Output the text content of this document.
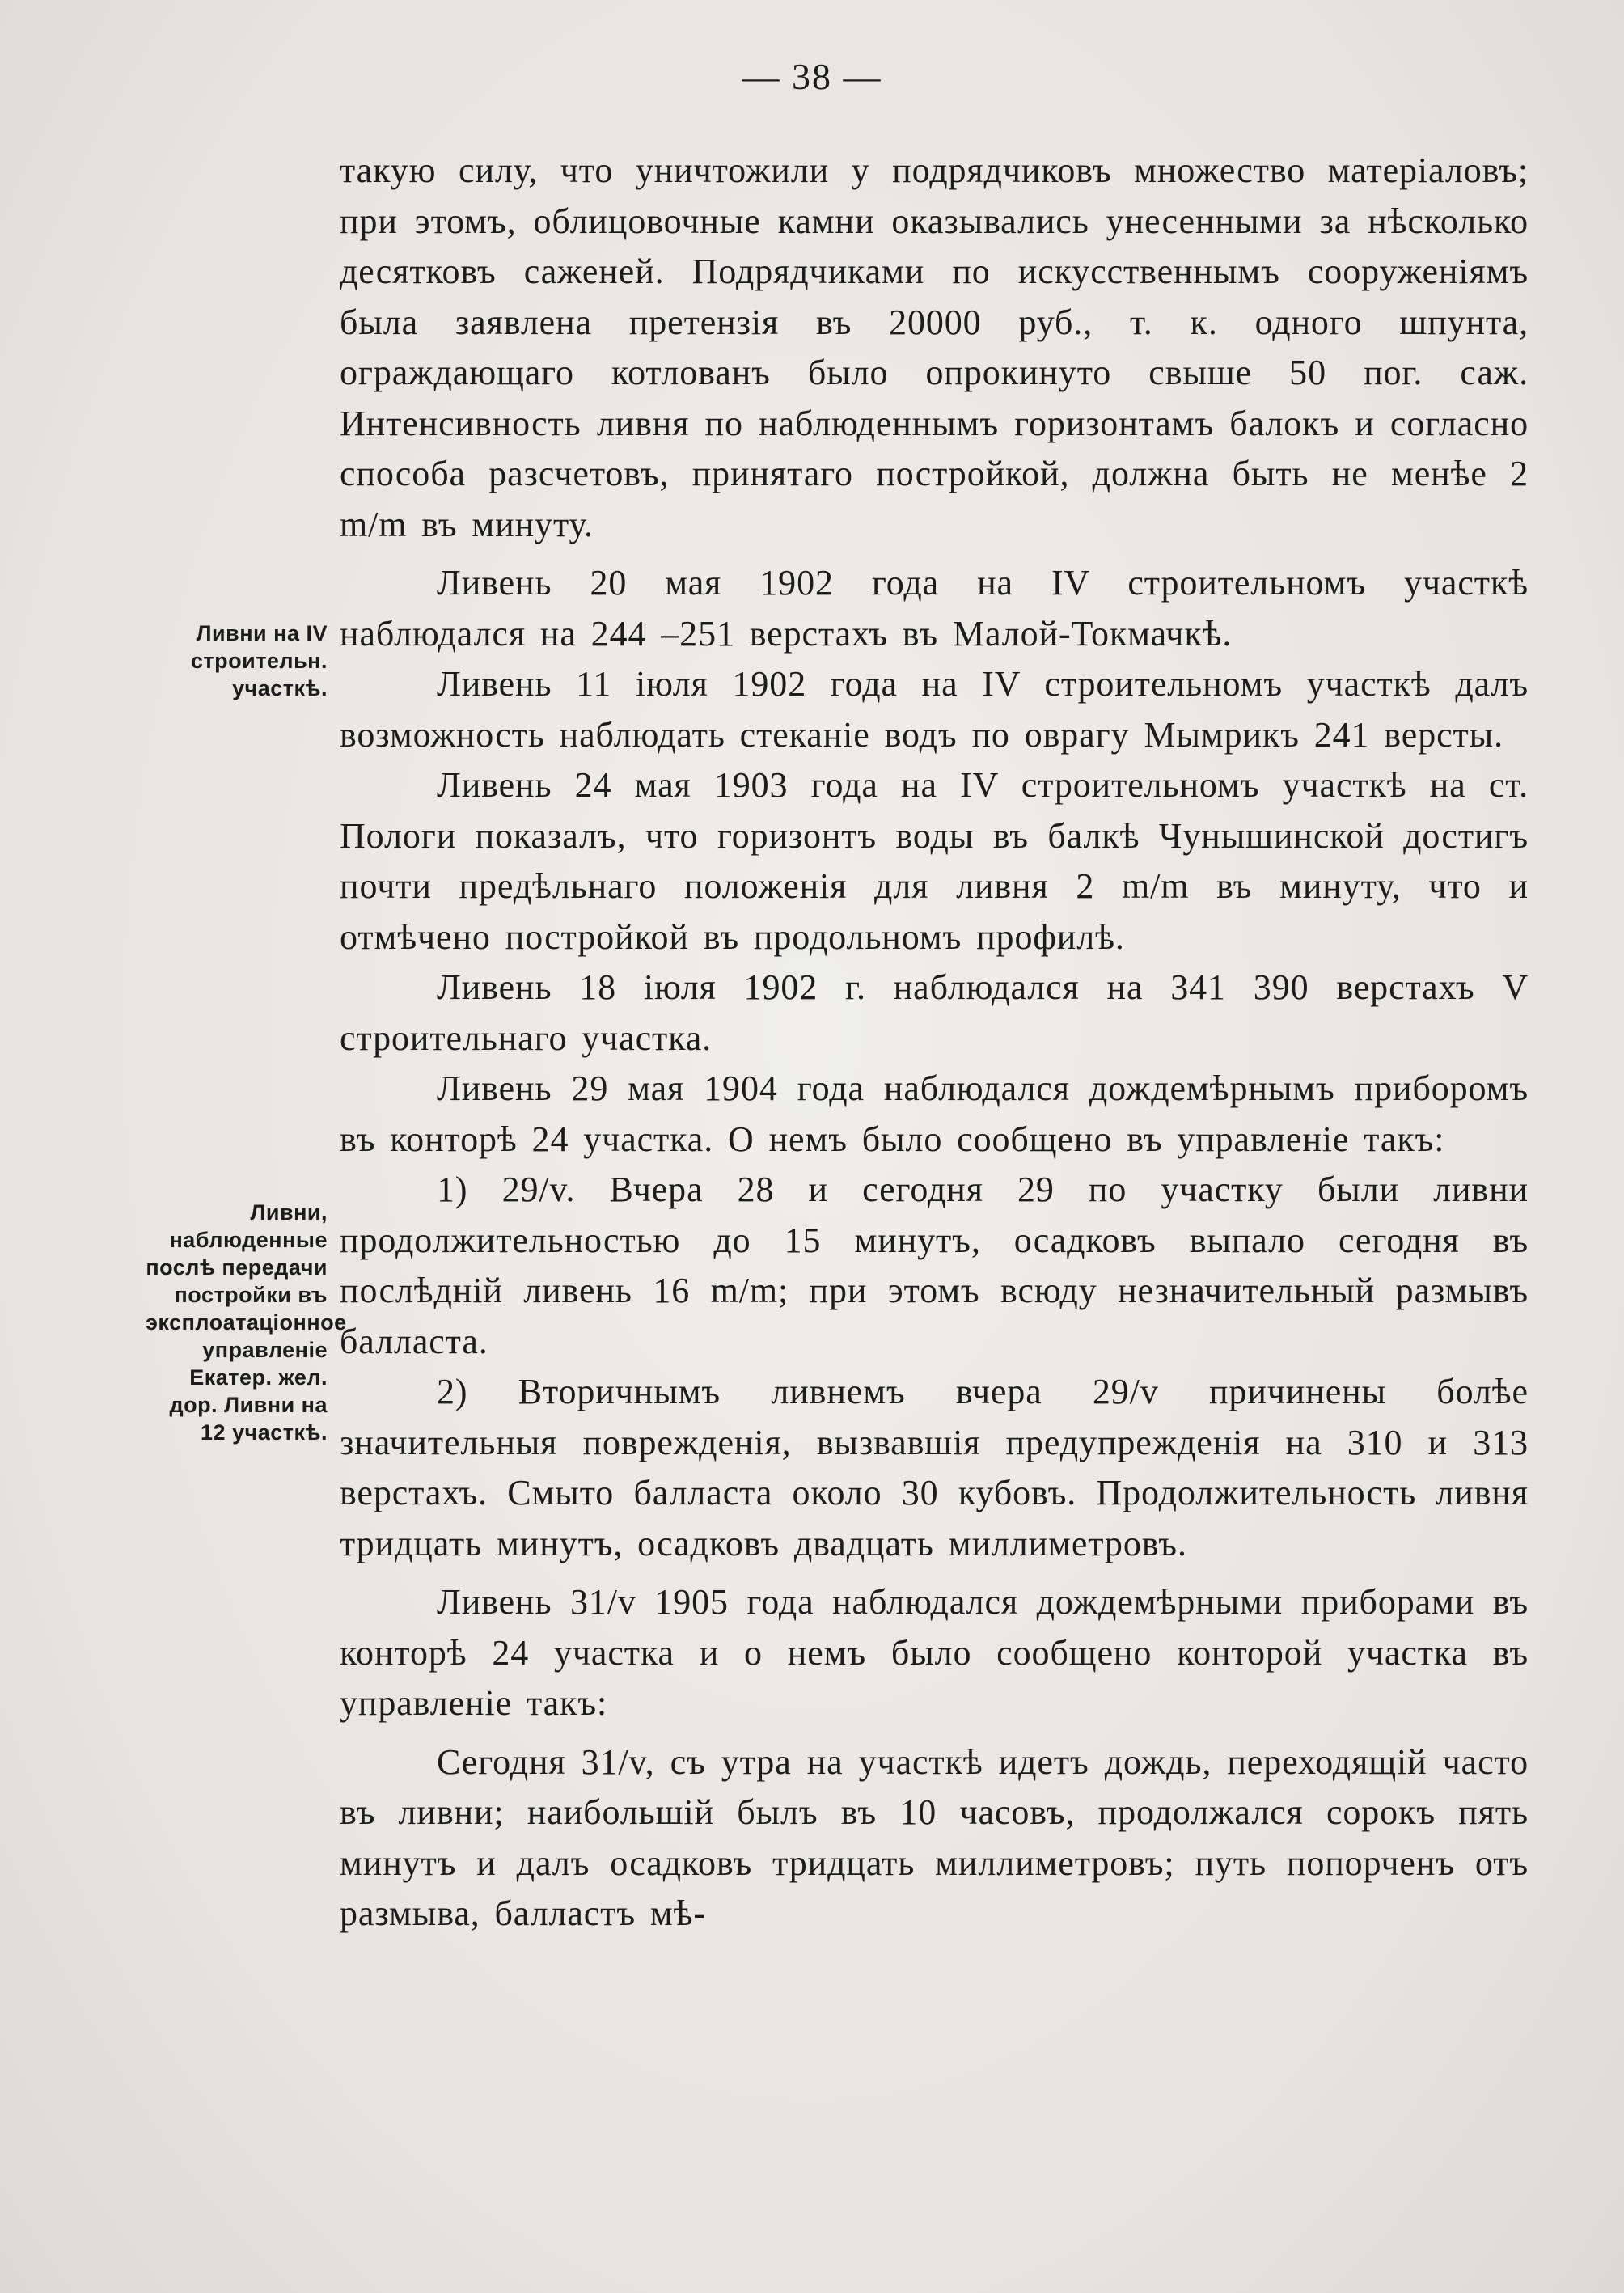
— 38 —
Ливни на IV строительн. участкѣ.
Ливни, наблюденные послѣ передачи постройки въ эксплоатаціонное управленіе Екатер. жел. дор. Ливни на 12 участкѣ.

такую силу, что уничтожили у подрядчиковъ множество матеріаловъ; при этомъ, облицовочные камни оказывались унесенными за нѣсколько десятковъ саженей. Подрядчиками по искусственнымъ сооруженіямъ была заявлена претензія въ 20000 руб., т. к. одного шпунта, ограждающаго котлованъ было опрокинуто свыше 50 пог. саж. Интенсивность ливня по наблюденнымъ горизонтамъ балокъ и согласно способа разсчетовъ, принятаго постройкой, должна быть не менѣе 2 m/m въ минуту.

Ливень 20 мая 1902 года на IV строительномъ участкѣ наблюдался на 244 –251 верстахъ въ Малой-Токмачкѣ.

Ливень 11 іюля 1902 года на IV строительномъ участкѣ далъ возможность наблюдать стеканіе водъ по оврагу Мымрикъ 241 версты.

Ливень 24 мая 1903 года на IV строительномъ участкѣ на ст. Пологи показалъ, что горизонтъ воды въ балкѣ Чунышинской достигъ почти предѣльнаго положенія для ливня 2 m/m въ минуту, что и отмѣчено постройкой въ продольномъ профилѣ.

Ливень 18 іюля 1902 г. наблюдался на 341 390 верстахъ V строительнаго участка.

Ливень 29 мая 1904 года наблюдался дождемѣрнымъ приборомъ въ конторѣ 24 участка. О немъ было сообщено въ управленіе такъ:

1) 29/v. Вчера 28 и сегодня 29 по участку были ливни продолжительностью до 15 минутъ, осадковъ выпало сегодня въ послѣдній ливень 16 m/m; при этомъ всюду незначительный размывъ балласта.

2) Вторичнымъ ливнемъ вчера 29/v причинены болѣе значительныя поврежденія, вызвавшія предупрежденія на 310 и 313 верстахъ. Смыто балласта около 30 кубовъ. Продолжительность ливня тридцать минутъ, осадковъ двадцать миллиметровъ.

Ливень 31/v 1905 года наблюдался дождемѣрными приборами въ конторѣ 24 участка и о немъ было сообщено конторой участка въ управленіе такъ:

Сегодня 31/v, съ утра на участкѣ идетъ дождь, переходящій часто въ ливни; наибольшій былъ въ 10 часовъ, продолжался сорокъ пять минутъ и далъ осадковъ тридцать миллиметровъ; путь попорченъ отъ размыва, балластъ мѣ-
